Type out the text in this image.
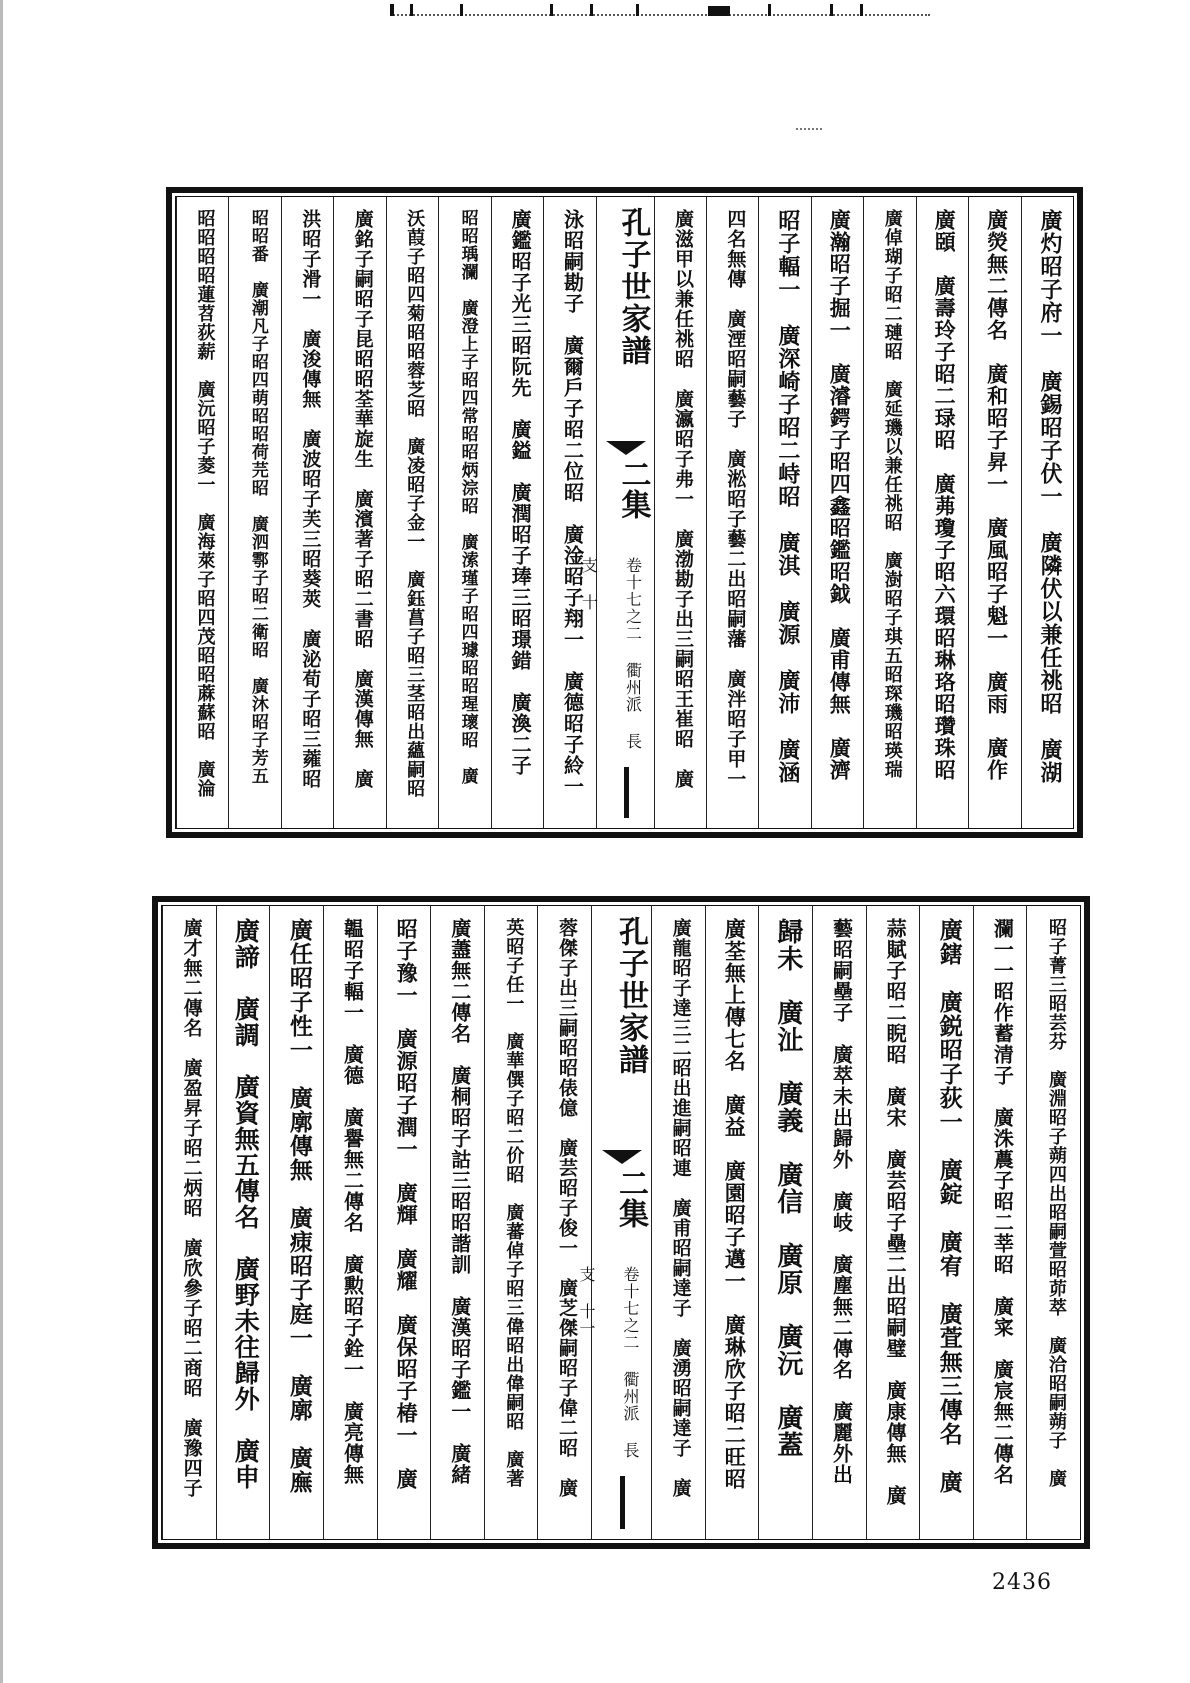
廣灼昭子府一　廣錫昭子伏一　廣隣伏以兼任祧昭　廣湖
廣熒無二傳名　廣和昭子昇一　廣風昭子魁一　廣雨　廣作
廣頣　廣壽玲子昭二琭昭　廣茀瓊子昭六環昭琳珞昭瓚珠昭
廣倬瑚子昭二璉昭　廣延璣以兼任祧昭　廣澍昭子琪五昭琛璣昭瑛瑞
廣瀚昭子掘一　廣濬鍔子昭四鑫昭鑑昭鉞　廣甫傳無　廣濟
昭子輻一　廣深崎子昭二峙昭　廣淇　廣源　廣沛　廣涵
四名無傳　廣湮昭嗣藝子　廣淞昭子藝二出昭嗣藩　廣泮昭子甲一
廣滋甲以兼任祧昭　廣瀛昭子弗一　廣渤勘子出三嗣昭王崔昭　廣
孔子世家譜
二集
卷十七之二 衢州派 長支 十
泳昭嗣勘子　廣爾戶子昭二位昭　廣淦昭子翔一　廣德昭子紷一
廣鑑昭子光三昭阮先　廣鎰　廣潤昭子琫三昭璟錯　廣渙二子
昭昭瑀瀾　廣澄上子昭四常昭昭炳淙昭　廣溹瑾子昭四璩昭昭瑆瓌昭　廣
沃葭子昭四菊昭昭蓉芝昭　廣凌昭子金一　廣鈺菖子昭三茎昭出蘊嗣昭
廣銘子嗣昭子昆昭昭荃華旋生　廣濱著子昭二書昭　廣漢傳無　廣
洪昭子滑一　廣浚傳無　廣波昭子芙三昭葵莢　廣泌荀子昭三蕹昭
昭昭番　廣潮凡子昭四萌昭昭荷芫昭　廣泗鄠子昭二衛昭　廣沐昭子芳五
昭昭昭昭蓮苕荻薪　廣沅昭子菱一　廣海萊子昭四茂昭昭蔴蘇昭　廣淪
昭子菁三昭芸芬　廣淵昭子蒴四出昭嗣萱昭茆萃　廣洽昭嗣蒴子　廣
瀾一一昭作蓄清子　廣洙蕽子昭二莘昭　廣寀　廣宸無二傳名
廣鎋　廣鋭昭子荻一　廣錠　廣宥　廣萓無三傳名　廣
蒜賦子昭二睨昭　廣宋　廣芸昭子壘二出昭嗣璧　廣康傳無　廣
藝昭嗣壘子　廣萃未出歸外　廣岐　廣塵無二傳名　廣麗外出
歸未　廣沚　廣義　廣信　廣原　廣沅　廣蓋
廣荃無上傳七名　廣益　廣園昭子邁一　廣琳欣子昭二旺昭
廣龍昭子達三二昭出進嗣昭連　廣甫昭嗣達子　廣湧昭嗣達子　廣
孔子世家譜
二集
卷十七之二 衢州派 長支 十一
蓉傑子出三嗣昭昭俵億　廣芸昭子俊一　廣芝傑嗣昭子偉二昭　廣
英昭子任一　廣華僎子昭二价昭　廣蕃倬子昭三偉昭出偉嗣昭　廣著
廣藎無二傳名　廣桐昭子詁三昭昭諧訓　廣漢昭子鑑一　廣緒
昭子豫一　廣源昭子潤一　廣輝　廣耀　廣保昭子椿一　廣
韞昭子輻一　廣德　廣譽無二傳名　廣勲昭子銓一　廣亮傳無
廣任昭子性一　廣廓傳無　廣㾊昭子庭一　廣廓　廣廡
廣諦　廣調　廣資無五傳名　廣野未往歸外　廣申
廣才無二傳名　廣盈昇子昭二炳昭　廣欣參子昭二商昭　廣豫四子
2436
